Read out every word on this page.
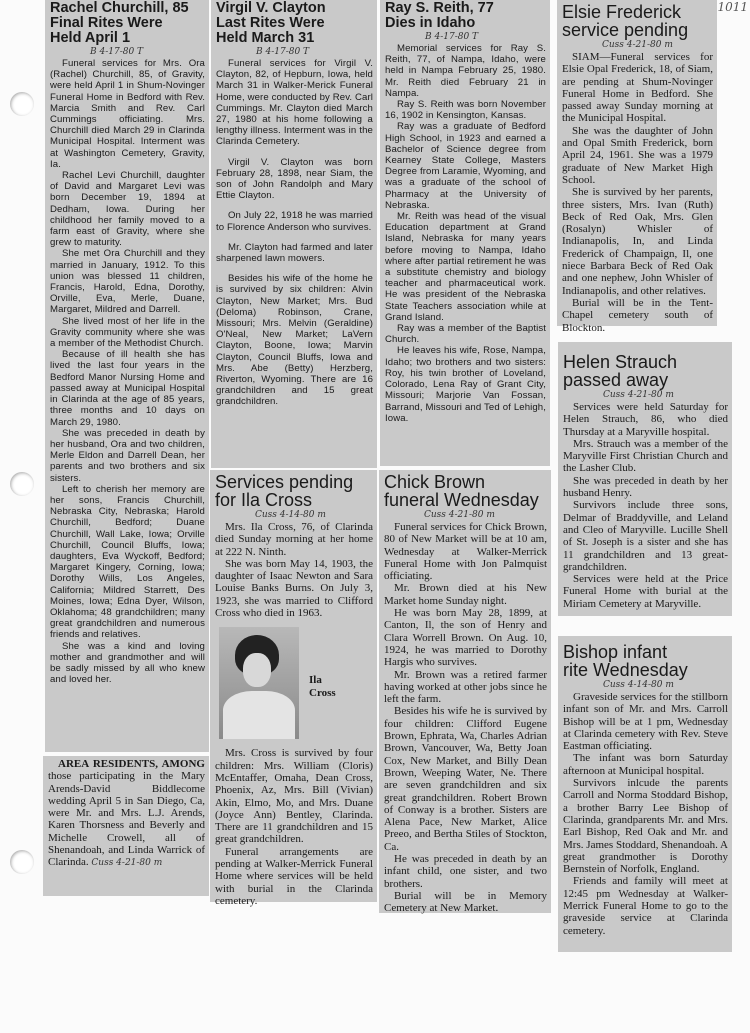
1011
Rachel Churchill, 85
Final Rites Were
Held April 1
B 4-17-80 T

Funeral services for Mrs. Ora (Rachel) Churchill, 85, of Gravity, were held April 1 in Shum-Novinger Funeral Home in Bedford with Rev. Marcia Smith and Rev. Carl Cummings officiating. Mrs. Churchill died March 29 in Clarinda Municipal Hospital. Interment was at Washington Cemetery, Gravity, Ia.

Rachel Levi Churchill, daughter of David and Margaret Levi was born December 19, 1894 at Dedham, Iowa. During her childhood her family moved to a farm east of Gravity, where she grew to maturity.

She met Ora Churchill and they married in January, 1912. To this union was blessed 11 children, Francis, Harold, Edna, Dorothy, Orville, Eva, Merle, Duane, Margaret, Mildred and Darrell.

She lived most of her life in the Gravity community where she was a member of the Methodist Church.

Because of ill health she has lived the last four years in the Bedford Manor Nursing Home and passed away at Municipal Hospital in Clarinda at the age of 85 years, three months and 10 days on March 29, 1980.

She was preceded in death by her husband, Ora and two children, Merle Eldon and Darrell Dean, her parents and two brothers and six sisters.

Left to cherish her memory are her sons, Francis Churchill, Nebraska City, Nebraska; Harold Churchill, Bedford; Duane Churchill, Wall Lake, Iowa; Orville Churchill, Council Bluffs, Iowa; daughters, Eva Wyckoff, Bedford; Margaret Kingery, Corning, Iowa; Dorothy Wills, Los Angeles, California; Mildred Starrett, Des Moines, Iowa; Edna Dyer, Wilson, Oklahoma; 48 grandchildren; many great grandchildren and numerous friends and relatives.

She was a kind and loving mother and grandmother and will be sadly missed by all who knew and loved her.

AREA RESIDENTS, AMONG those participating in the Mary Arends-David Biddlecome wedding April 5 in San Diego, Ca, were Mr. and Mrs. L.J. Arends, Karen Thorsness and Beverly and Michelle Crowell, all of Shenandoah, and Linda Warrick of Clarinda. Cuss 4-21-80 m

Virgil V. Clayton
Last Rites Were
Held March 31
B 4-17-80 T

Funeral services for Virgil V. Clayton, 82, of Hepburn, Iowa, held March 31 in Walker-Merick Funeral Home, were conducted by Rev. Carl Cummings. Mr. Clayton died March 27, 1980 at his home following a lengthy illness. Interment was in the Clarinda Cemetery.

Virgil V. Clayton was born February 28, 1898, near Siam, the son of John Randolph and Mary Ettie Clayton.

On July 22, 1918 he was married to Florence Anderson who survives.

Mr. Clayton had farmed and later sharpened lawn mowers.

Besides his wife of the home he is survived by six children: Alvin Clayton, New Market; Mrs. Bud (Deloma) Robinson, Crane, Missouri; Mrs. Melvin (Geraldine) O'Neal, New Market; LaVern Clayton, Boone, Iowa; Marvin Clayton, Council Bluffs, Iowa and Mrs. Abe (Betty) Herzberg, Riverton, Wyoming. There are 16 grandchildren and 15 great grandchildren.

Services pending
for Ila Cross
Cuss 4-14-80 m

Mrs. Ila Cross, 76, of Clarinda died Sunday morning at her home at 222 N. Ninth.

She was born May 14, 1903, the daughter of Isaac Newton and Sara Louise Banks Burns. On July 3, 1923, she was married to Clifford Cross who died in 1963.

Ila
Cross

Mrs. Cross is survived by four children: Mrs. William (Cloris) McEntaffer, Omaha, Dean Cross, Phoenix, Az, Mrs. Bill (Vivian) Akin, Elmo, Mo, and Mrs. Duane (Joyce Ann) Bentley, Clarinda. There are 11 grandchildren and 15 great grandchildren.

Funeral arrangements are pending at Walker-Merrick Funeral Home where services will be held with burial in the Clarinda cemetery.

Ray S. Reith, 77
Dies in Idaho
B 4-17-80 T

Memorial services for Ray S. Reith, 77, of Nampa, Idaho, were held in Nampa February 25, 1980. Mr. Reith died February 21 in Nampa.

Ray S. Reith was born November 16, 1902 in Kensington, Kansas.

Ray was a graduate of Bedford High School, in 1923 and earned a Bachelor of Science degree from Kearney State College, Masters Degree from Laramie, Wyoming, and was a graduate of the school of Pharmacy at the University of Nebraska.

Mr. Reith was head of the visual Education department at Grand Island, Nebraska for many years before moving to Nampa, Idaho where after partial retirement he was a substitute chemistry and biology teacher and pharmaceutical work. He was president of the Nebraska State Teachers association while at Grand Island.

Ray was a member of the Baptist Church.

He leaves his wife, Rose, Nampa, Idaho; two brothers and two sisters: Roy, his twin brother of Loveland, Colorado, Lena Ray of Grant City, Missouri; Marjorie Van Fossan, Barrand, Missouri and Ted of Lehigh, Iowa.

Chick Brown
funeral Wednesday
Cuss 4-21-80 m

Funeral services for Chick Brown, 80 of New Market will be at 10 am, Wednesday at Walker-Merrick Funeral Home with Jon Palmquist officiating.

Mr. Brown died at his New Market home Sunday night.

He was born May 28, 1899, at Canton, Il, the son of Henry and Clara Worrell Brown. On Aug. 10, 1924, he was married to Dorothy Hargis who survives.

Mr. Brown was a retired farmer having worked at other jobs since he left the farm.

Besides his wife he is survived by four children: Clifford Eugene Brown, Ephrata, Wa, Charles Adrian Brown, Vancouver, Wa, Betty Joan Cox, New Market, and Billy Dean Brown, Weeping Water, Ne. There are seven grandchildren and six great grandchildren. Robert Brown of Conway is a brother. Sisters are Alena Pace, New Market, Alice Preeo, and Bertha Stiles of Stockton, Ca.

He was preceded in death by an infant child, one sister, and two brothers.

Burial will be in Memory Cemetery at New Market.

Elsie Frederick
service pending
Cuss 4-21-80 m

SIAM—Funeral services for Elsie Opal Frederick, 18, of Siam, are pending at Shum-Novinger Funeral Home in Bedford. She passed away Sunday morning at the Municipal Hospital.

She was the daughter of John and Opal Smith Frederick, born April 24, 1961. She was a 1979 graduate of New Market High School.

She is survived by her parents, three sisters, Mrs. Ivan (Ruth) Beck of Red Oak, Mrs. Glen (Rosalyn) Whisler of Indianapolis, In, and Linda Frederick of Champaign, Il, one niece Barbara Beck of Red Oak and one nephew, John Whisler of Indianapolis, and other relatives.

Burial will be in the Tent-Chapel cemetery south of Blockton.

Helen Strauch
passed away
Cuss 4-21-80 m

Services were held Saturday for Helen Strauch, 86, who died Thursday at a Maryville hospital.

Mrs. Strauch was a member of the Maryville First Christian Church and the Lasher Club.

She was preceded in death by her husband Henry.

Survivors include three sons, Delmar of Braddyville, and Leland and Cleo of Maryville. Lucille Shell of St. Joseph is a sister and she has 11 grandchildren and 13 great-grandchildren.

Services were held at the Price Funeral Home with burial at the Miriam Cemetery at Maryville.

Bishop infant
rite Wednesday
Cuss 4-14-80 m

Graveside services for the stillborn infant son of Mr. and Mrs. Carroll Bishop will be at 1 pm, Wednesday at Clarinda cemetery with Rev. Steve Eastman officiating.

The infant was born Saturday afternoon at Municipal hospital.

Survivors inlcude the parents Carroll and Norma Stoddard Bishop, a brother Barry Lee Bishop of Clarinda, grandparents Mr. and Mrs. Earl Bishop, Red Oak and Mr. and Mrs. James Stoddard, Shenandoah. A great grandmother is Dorothy Bernstein of Norfolk, England.

Friends and family will meet at 12:45 pm Wednesday at Walker-Merrick Funeral Home to go to the graveside service at Clarinda cemetery.
